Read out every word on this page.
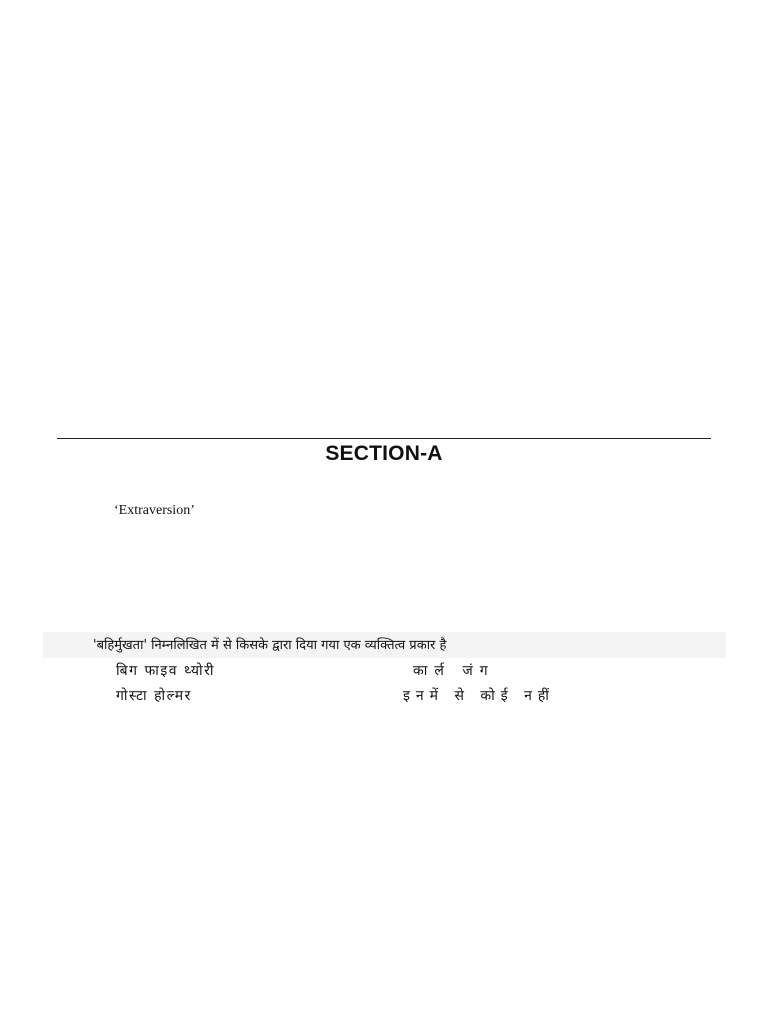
SECTION-A
‘Extraversion’
'बहिर्मुखता' निम्नलिखित में से किसके द्वारा दिया गया एक व्यक्तित्व प्रकार है
बिग फाइव थ्योरी	कार्ल जंग
गोस्टा होल्मर	इनमें से कोई नहीं
